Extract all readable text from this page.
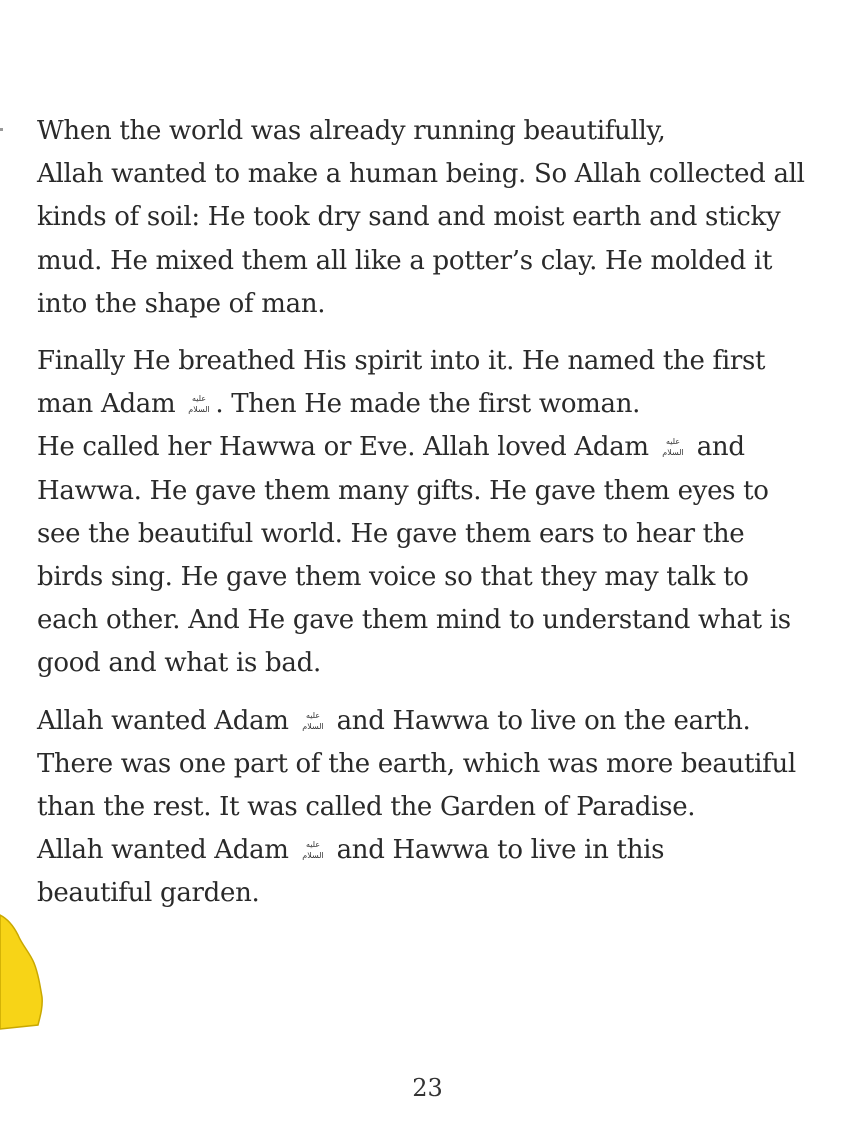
When the world was already running beautifully,
Allah wanted to make a human being. So Allah collected all
kinds of soil: He took dry sand and moist earth and sticky
mud. He mixed them all like a potter’s clay. He molded it
into the shape of man.

Finally He breathed His spirit into it. He named the first
man Adam عليه
السلام . Then He made the first woman.
He called her Hawwa or Eve. Allah loved Adam عليه
السلام and
Hawwa. He gave them many gifts. He gave them eyes to
see the beautiful world. He gave them ears to hear the
birds sing. He gave them voice so that they may talk to
each other. And He gave them mind to understand what is
good and what is bad.

Allah wanted Adam عليه
السلام and Hawwa to live on the earth.
There was one part of the earth, which was more beautiful
than the rest. It was called the Garden of Paradise.
Allah wanted Adam عليه
السلام and Hawwa to live in this
beautiful garden.

23
